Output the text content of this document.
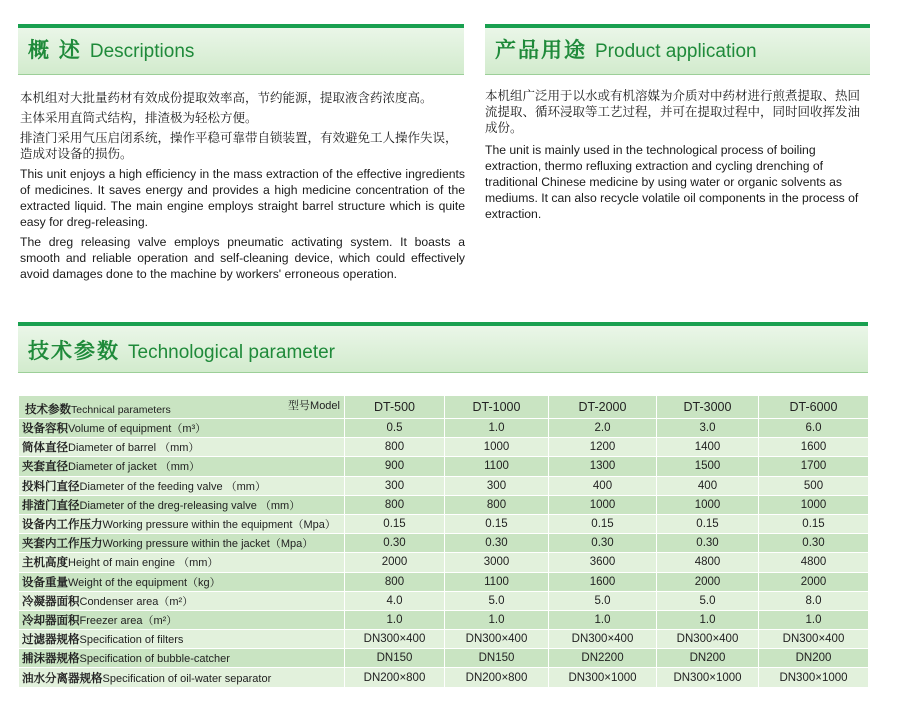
概 述 Descriptions	产品用途 Product application

本机组对大批量药材有效成份提取效率高，节约能源，提取液含药浓度高。

主体采用直筒式结构，排渣极为轻松方便。

排渣门采用气压启闭系统，操作平稳可靠带自锁装置，有效避免工人操作失误，造成对设备的损伤。

This unit enjoys a high efficiency in the mass extraction of the effective ingredients of medicines. It saves energy and provides a high medicine concentration of the extracted liquid. The main engine employs straight barrel structure which is quite easy for dreg-releasing.

The dreg releasing valve employs pneumatic activating system. It boasts a smooth and reliable operation and self-cleaning device, which could effectively avoid damages done to the machine by workers' erroneous operation.

本机组广泛用于以水或有机溶媒为介质对中药材进行煎煮提取、热回流提取、循环浸取等工艺过程，并可在提取过程中，同时回收挥发油成份。

The unit is mainly used in the technological process of boiling extraction, thermo refluxing extraction and cycling drenching of traditional Chinese medicine by using water or organic solvents as mediums. It can also recycle volatile oil components in the process of extraction.

技术参数 Technological parameter
型号Model
技术参数Technical parameters	DT-500	DT-1000	DT-2000	DT-3000	DT-6000
设备容积Volume of equipment（m³）	0.5	1.0	2.0	3.0	6.0
筒体直径Diameter of barrel （mm）	800	1000	1200	1400	1600
夹套直径Diameter of jacket （mm）	900	1100	1300	1500	1700
投料门直径Diameter of the feeding valve （mm）	300	300	400	400	500
排渣门直径Diameter of the dreg-releasing valve （mm）	800	800	1000	1000	1000
设备内工作压力Working pressure within the equipment（Mpa）	0.15	0.15	0.15	0.15	0.15
夹套内工作压力Working pressure within the jacket（Mpa）	0.30	0.30	0.30	0.30	0.30
主机高度Height of main engine （mm）	2000	3000	3600	4800	4800
设备重量Weight of the equipment（kg）	800	1100	1600	2000	2000
冷凝器面积Condenser area（m²）	4.0	5.0	5.0	5.0	8.0
冷却器面积Freezer area（m²）	1.0	1.0	1.0	1.0	1.0
过滤器规格Specification of filters	DN300×400	DN300×400	DN300×400	DN300×400	DN300×400
捕沫器规格Specification of bubble-catcher	DN150	DN150	DN2200	DN200	DN200
油水分离器规格Specification of oil-water separator	DN200×800	DN200×800	DN300×1000	DN300×1000	DN300×1000
